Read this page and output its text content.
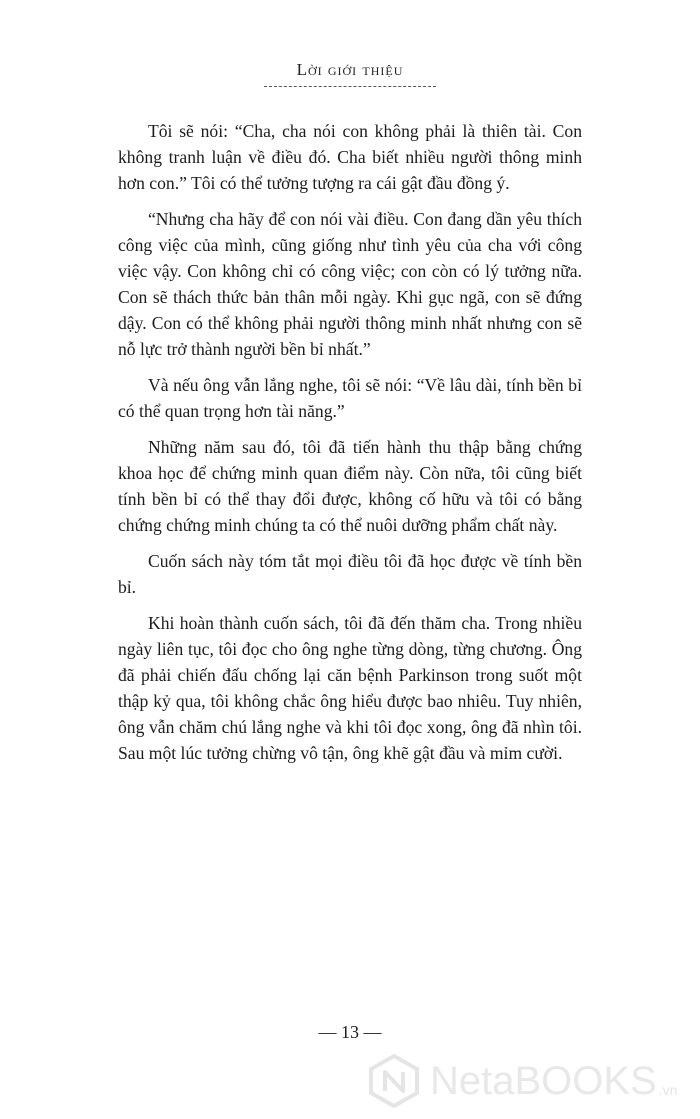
Lời giới thiệu

Tôi sẽ nói: “Cha, cha nói con không phải là thiên tài. Con không tranh luận về điều đó. Cha biết nhiều người thông minh hơn con.” Tôi có thể tưởng tượng ra cái gật đầu đồng ý.

“Nhưng cha hãy để con nói vài điều. Con đang dần yêu thích công việc của mình, cũng giống như tình yêu của cha với công việc vậy. Con không chỉ có công việc; con còn có lý tưởng nữa. Con sẽ thách thức bản thân mỗi ngày. Khi gục ngã, con sẽ đứng dậy. Con có thể không phải người thông minh nhất nhưng con sẽ nỗ lực trở thành người bền bỉ nhất.”

Và nếu ông vẫn lắng nghe, tôi sẽ nói: “Về lâu dài, tính bền bỉ có thể quan trọng hơn tài năng.”

Những năm sau đó, tôi đã tiến hành thu thập bằng chứng khoa học để chứng minh quan điểm này. Còn nữa, tôi cũng biết tính bền bỉ có thể thay đổi được, không cố hữu và tôi có bằng chứng chứng minh chúng ta có thể nuôi dưỡng phẩm chất này.

Cuốn sách này tóm tắt mọi điều tôi đã học được về tính bền bỉ.

Khi hoàn thành cuốn sách, tôi đã đến thăm cha. Trong nhiều ngày liên tục, tôi đọc cho ông nghe từng dòng, từng chương. Ông đã phải chiến đấu chống lại căn bệnh Parkinson trong suốt một thập kỷ qua, tôi không chắc ông hiểu được bao nhiêu. Tuy nhiên, ông vẫn chăm chú lắng nghe và khi tôi đọc xong, ông đã nhìn tôi. Sau một lúc tưởng chừng vô tận, ông khẽ gật đầu và mỉm cười.

— 13 —
NetaBOOKS .vn
